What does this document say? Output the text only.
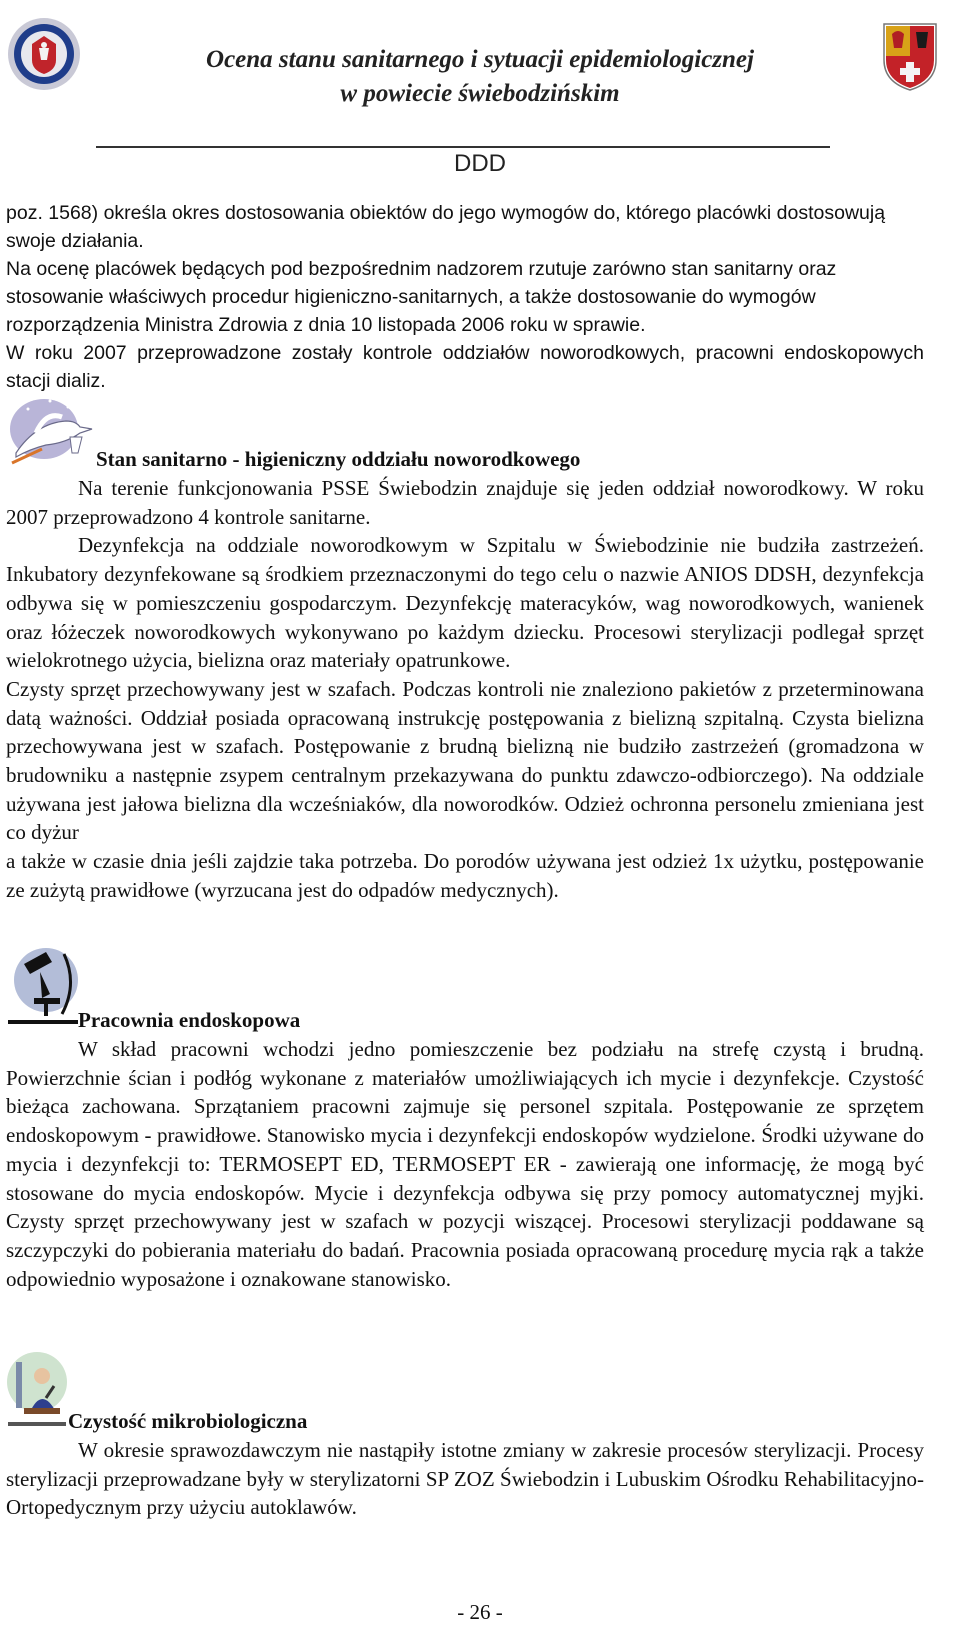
Ocena stanu sanitarnego i sytuacji epidemiologicznej
w powiecie świebodzińskim
DDD

poz. 1568) określa okres dostosowania obiektów do jego wymogów do, którego placówki dostosowują swoje działania.

Na ocenę placówek będących pod bezpośrednim nadzorem rzutuje zarówno stan sanitarny oraz stosowanie właściwych procedur higieniczno-sanitarnych, a także dostosowanie do wymogów rozporządzenia Ministra Zdrowia z dnia 10 listopada 2006 roku w sprawie.

W roku 2007 przeprowadzone zostały kontrole oddziałów noworodkowych, pracowni endoskopowych stacji dializ.

Stan sanitarno - higieniczny oddziału noworodkowego

Na terenie funkcjonowania PSSE Świebodzin znajduje się jeden oddział noworodkowy. W roku 2007 przeprowadzono 4 kontrole sanitarne.

Dezynfekcja na oddziale noworodkowym w Szpitalu w Świebodzinie nie budziła zastrzeżeń. Inkubatory dezynfekowane są środkiem przeznaczonymi do tego celu o nazwie ANIOS DDSH, dezynfekcja odbywa się w pomieszczeniu gospodarczym. Dezynfekcję materacyków, wag noworodkowych, wanienek oraz łóżeczek noworodkowych wykonywano po każdym dziecku. Procesowi sterylizacji podlegał sprzęt wielokrotnego użycia, bielizna oraz materiały opatrunkowe.

Czysty sprzęt przechowywany jest w szafach. Podczas kontroli nie znaleziono pakietów z przeterminowana datą ważności. Oddział posiada opracowaną instrukcję postępowania z bielizną szpitalną. Czysta bielizna przechowywana jest w szafach. Postępowanie z brudną bielizną nie budziło zastrzeżeń (gromadzona w brudowniku a następnie zsypem centralnym przekazywana do punktu zdawczo-odbiorczego). Na oddziale używana jest jałowa bielizna dla wcześniaków, dla noworodków. Odzież ochronna personelu zmieniana jest co dyżur

a także w czasie dnia jeśli zajdzie taka potrzeba. Do porodów używana jest odzież 1x użytku, postępowanie ze zużytą prawidłowe (wyrzucana jest do odpadów medycznych).

Pracownia endoskopowa

W skład pracowni wchodzi jedno pomieszczenie bez podziału na strefę czystą i brudną. Powierzchnie ścian i podłóg wykonane z materiałów umożliwiających ich mycie i dezynfekcje. Czystość bieżąca zachowana. Sprzątaniem pracowni zajmuje się personel szpitala. Postępowanie ze sprzętem endoskopowym - prawidłowe. Stanowisko mycia i dezynfekcji endoskopów wydzielone. Środki używane do mycia i dezynfekcji to: TERMOSEPT ED, TERMOSEPT ER - zawierają one informację, że mogą być stosowane do mycia endoskopów. Mycie i dezynfekcja odbywa się przy pomocy automatycznej myjki. Czysty sprzęt przechowywany jest w szafach w pozycji wiszącej. Procesowi sterylizacji poddawane są szczypczyki do pobierania materiału do badań. Pracownia posiada opracowaną procedurę mycia rąk a także odpowiednio wyposażone i oznakowane stanowisko.

Czystość mikrobiologiczna

W okresie sprawozdawczym nie nastąpiły istotne zmiany w zakresie procesów sterylizacji. Procesy sterylizacji przeprowadzane były w sterylizatorni SP ZOZ Świebodzin i Lubuskim Ośrodku Rehabilitacyjno-Ortopedycznym przy użyciu autoklawów.

- 26 -
